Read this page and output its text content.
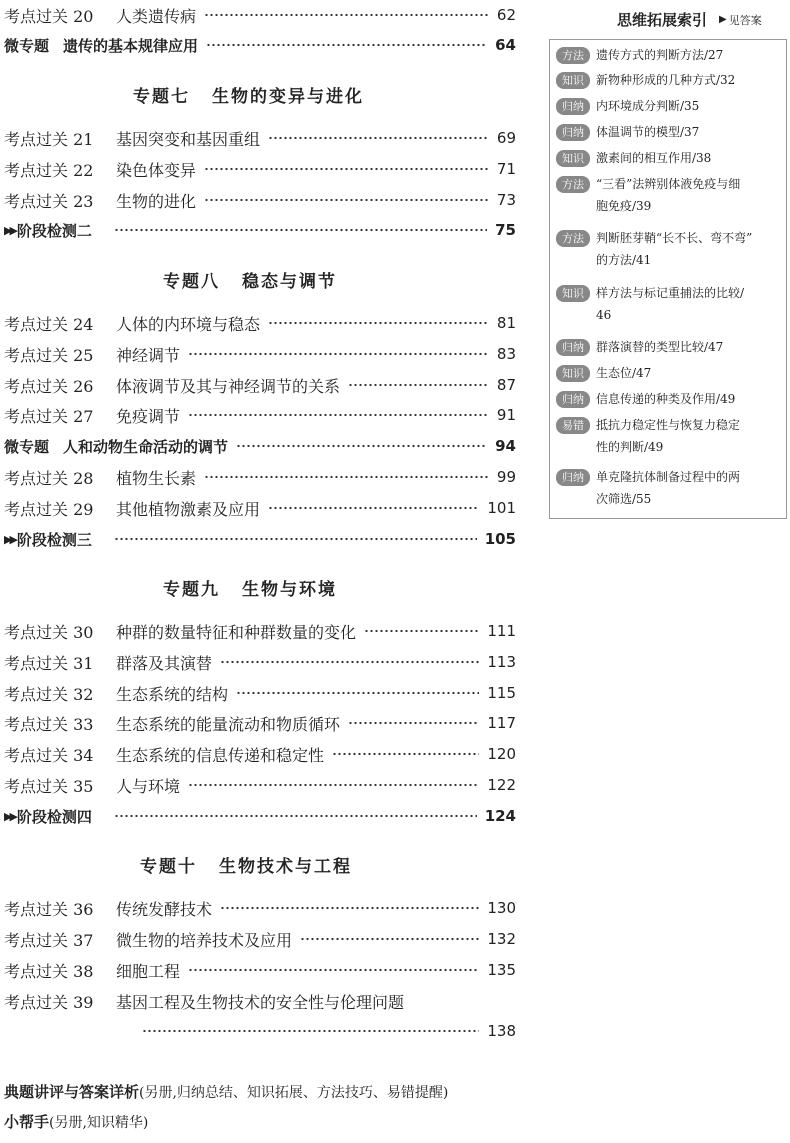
考点过关 20	人类遗传病	62
微专题 遗传的基本规律应用	64
专题七 生物的变异与进化
考点过关 21	基因突变和基因重组	69
考点过关 22	染色体变异	71
考点过关 23	生物的进化	73
▶▶ 阶段检测二	75
专题八 稳态与调节
考点过关 24	人体的内环境与稳态	81
考点过关 25	神经调节	83
考点过关 26	体液调节及其与神经调节的关系	87
考点过关 27	免疫调节	91
微专题 人和动物生命活动的调节	94
考点过关 28	植物生长素	99
考点过关 29	其他植物激素及应用	101
▶▶ 阶段检测三	105
专题九 生物与环境
考点过关 30	种群的数量特征和种群数量的变化	111
考点过关 31	群落及其演替	113
考点过关 32	生态系统的结构	115
考点过关 33	生态系统的能量流动和物质循环	117
考点过关 34	生态系统的信息传递和稳定性	120
考点过关 35	人与环境	122
▶▶ 阶段检测四	124
专题十 生物技术与工程
考点过关 36	传统发酵技术	130
考点过关 37	微生物的培养技术及应用	132
考点过关 38	细胞工程	135
考点过关 39	基因工程及生物技术的安全性与伦理问题
138
思维拓展索引 ▶ 见答案
方法 遗传方式的判断方法/27
知识 新物种形成的几种方式/32
归纳 内环境成分判断/35
归纳 体温调节的模型/37
知识 激素间的相互作用/38
方法 “三看”法辨别体液免疫与细
胞免疫/39
方法 判断胚芽鞘“长不长、弯不弯”
的方法/41
知识 样方法与标记重捕法的比较/
46
归纳 群落演替的类型比较/47
知识 生态位/47
归纳 信息传递的种类及作用/49
易错 抵抗力稳定性与恢复力稳定
性的判断/49
归纳 单克隆抗体制备过程中的两
次筛选/55
典题讲评与答案详析(另册,归纳总结、知识拓展、方法技巧、易错提醒)
小帮手(另册,知识精华)
